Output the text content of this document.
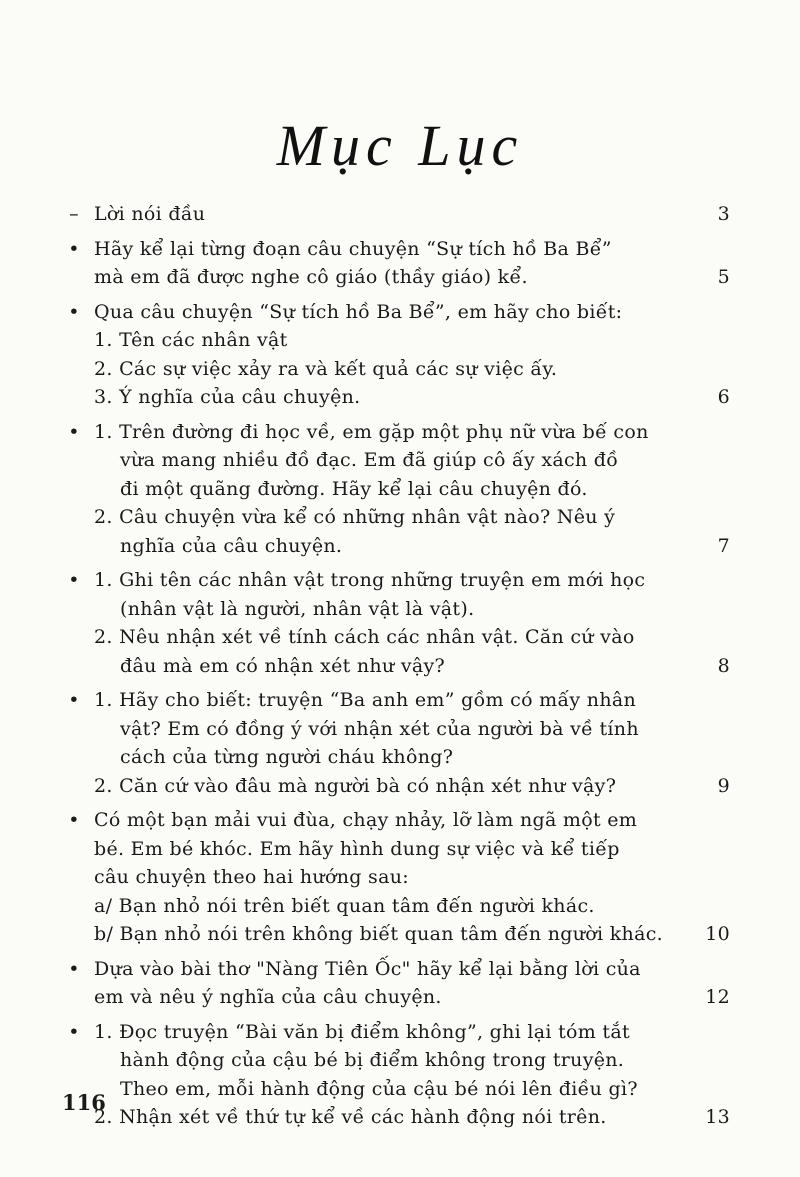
Mục Lục
– Lời nói đầu	3
• Hãy kể lại từng đoạn câu chuyện “Sự tích hồ Ba Bể”
mà em đã được nghe cô giáo (thầy giáo) kể.	5
• Qua câu chuyện “Sự tích hồ Ba Bể”, em hãy cho biết:
1. Tên các nhân vật
2. Các sự việc xảy ra và kết quả các sự việc ấy.
3. Ý nghĩa của câu chuyện.	6
• 1. Trên đường đi học về, em gặp một phụ nữ vừa bế con
vừa mang nhiều đồ đạc. Em đã giúp cô ấy xách đồ
đi một quãng đường. Hãy kể lại câu chuyện đó.
2. Câu chuyện vừa kể có những nhân vật nào? Nêu ý
nghĩa của câu chuyện.	7
• 1. Ghi tên các nhân vật trong những truyện em mới học
(nhân vật là người, nhân vật là vật).
2. Nêu nhận xét về tính cách các nhân vật. Căn cứ vào
đâu mà em có nhận xét như vậy?	8
• 1. Hãy cho biết: truyện “Ba anh em” gồm có mấy nhân
vật? Em có đồng ý với nhận xét của người bà về tính
cách của từng người cháu không?
2. Căn cứ vào đâu mà người bà có nhận xét như vậy?	9
• Có một bạn mải vui đùa, chạy nhảy, lỡ làm ngã một em
bé. Em bé khóc. Em hãy hình dung sự việc và kể tiếp
câu chuyện theo hai hướng sau:
a/ Bạn nhỏ nói trên biết quan tâm đến người khác.
b/ Bạn nhỏ nói trên không biết quan tâm đến người khác. 10
• Dựa vào bài thơ "Nàng Tiên Ốc" hãy kể lại bằng lời của
em và nêu ý nghĩa của câu chuyện.	12
• 1. Đọc truyện “Bài văn bị điểm không”, ghi lại tóm tắt
hành động của cậu bé bị điểm không trong truyện.
Theo em, mỗi hành động của cậu bé nói lên điều gì?
2. Nhận xét về thứ tự kể về các hành động nói trên.	13
116
